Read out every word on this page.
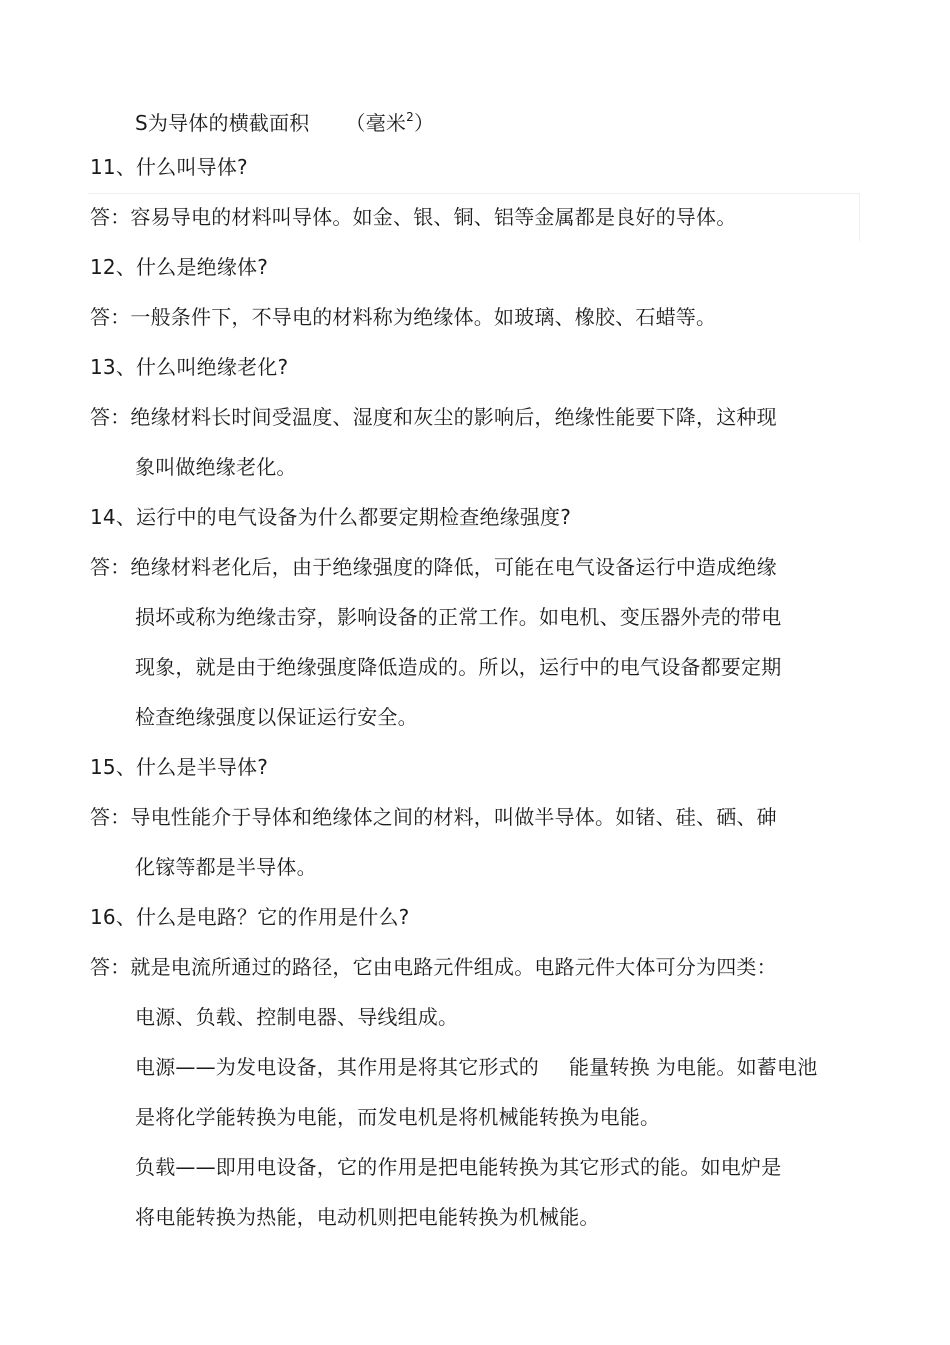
S为导体的横截面积 （毫米$^2$）
11、什么叫导体?
答：容易导电的材料叫导体。如金、银、铜、铝等金属都是良好的导体。
12、什么是绝缘体?
答：一般条件下，不导电的材料称为绝缘体。如玻璃、橡胶、石蜡等。
13、什么叫绝缘老化?
答：绝缘材料长时间受温度、湿度和灰尘的影响后，绝缘性能要下降，这种现
象叫做绝缘老化。
14、运行中的电气设备为什么都要定期检查绝缘强度?
答：绝缘材料老化后，由于绝缘强度的降低，可能在电气设备运行中造成绝缘
损坏或称为绝缘击穿，影响设备的正常工作。如电机、变压器外壳的带电
现象，就是由于绝缘强度降低造成的。所以，运行中的电气设备都要定期
检查绝缘强度以保证运行安全。
15、什么是半导体?
答：导电性能介于导体和绝缘体之间的材料，叫做半导体。如锗、硅、硒、砷
化镓等都是半导体。
16、什么是电路？它的作用是什么?
答：就是电流所通过的路径，它由电路元件组成。电路元件大体可分为四类：
电源、负载、控制电器、导线组成。
电源——为发电设备，其作用是将其它形式的 能量转换 为电能。如蓄电池
是将化学能转换为电能，而发电机是将机械能转换为电能。
负载——即用电设备，它的作用是把电能转换为其它形式的能。如电炉是
将电能转换为热能，电动机则把电能转换为机械能。
